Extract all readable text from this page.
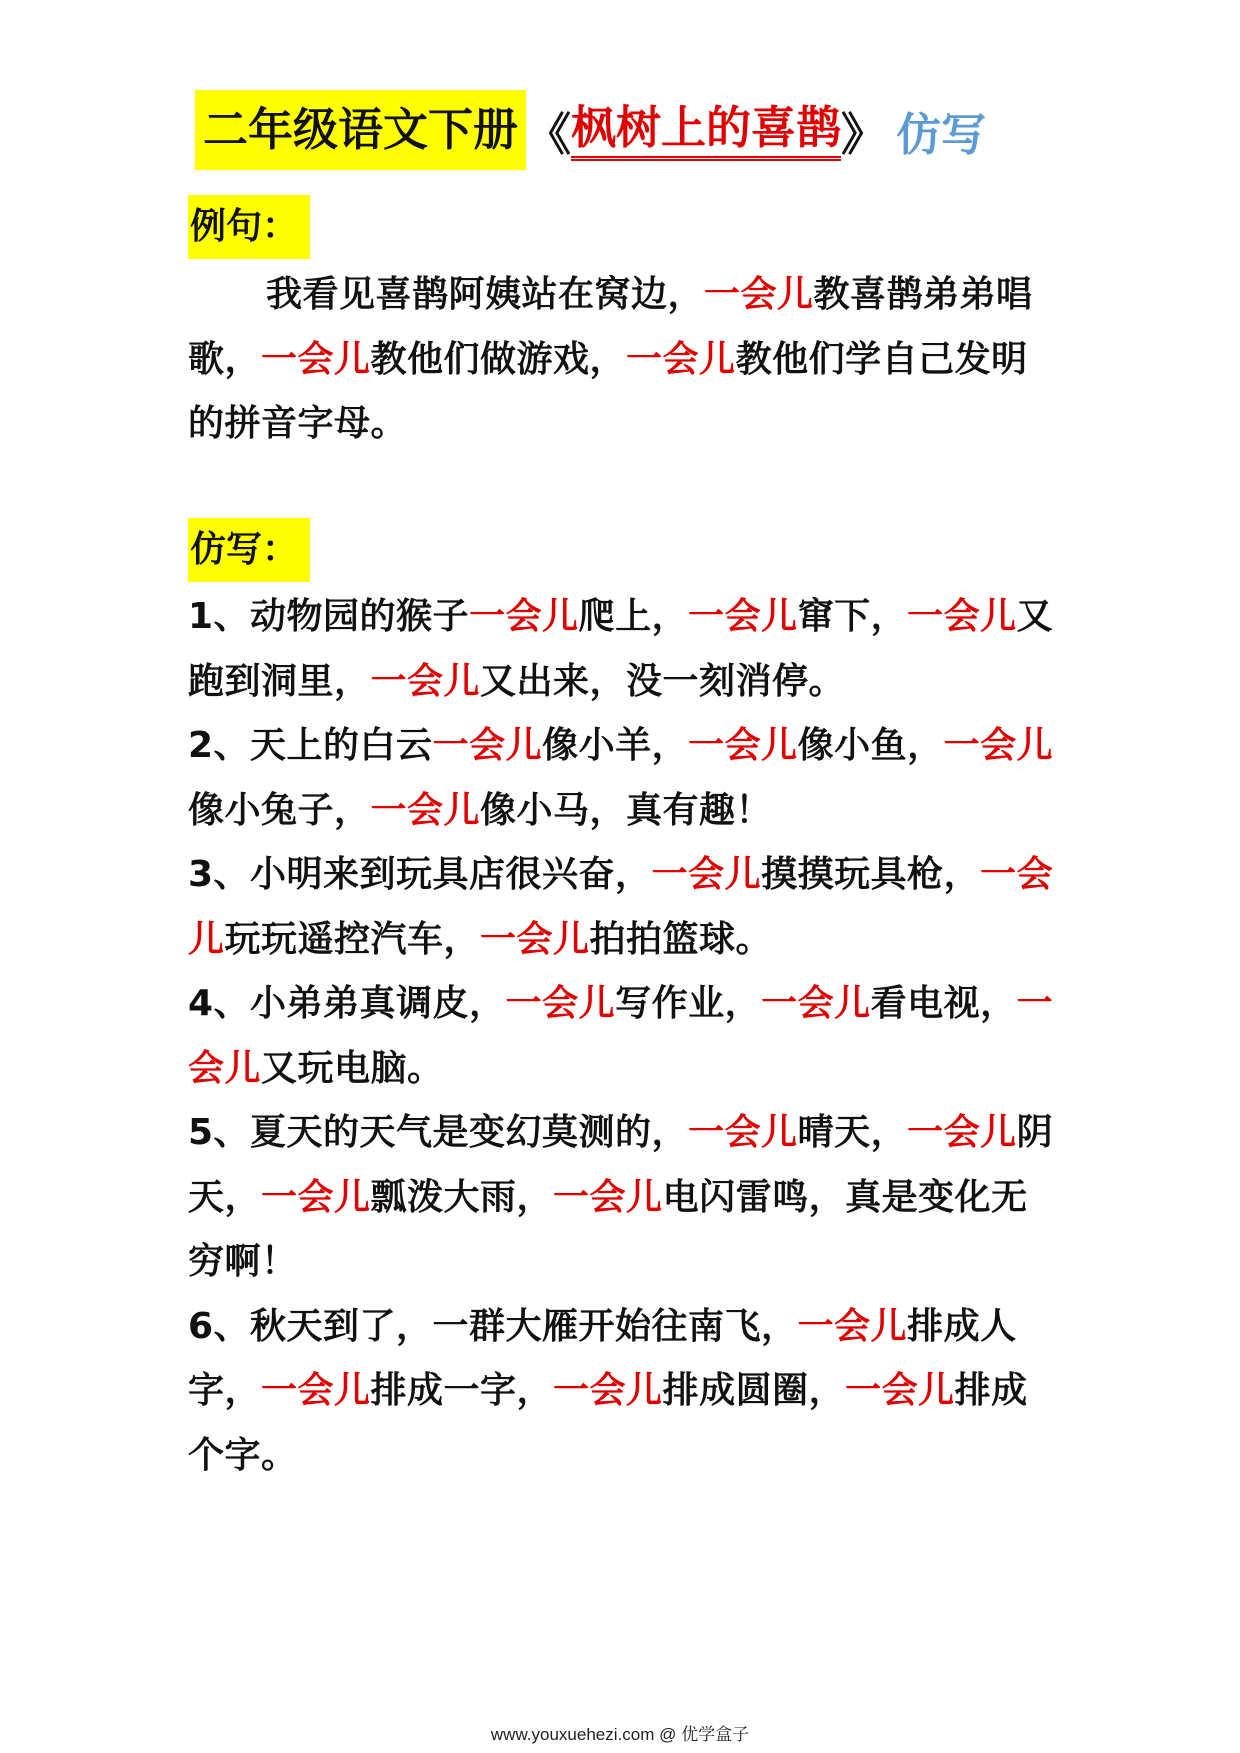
二年级语文下册 《 枫树上的喜鹊 》 仿写
例句：
我看见喜鹊阿姨站在窝边，一会儿教喜鹊弟弟唱歌，一会儿教他们做游戏，一会儿教他们学自己发明的拼音字母。
仿写：
1、动物园的猴子一会儿爬上，一会儿窜下，一会儿又跑到洞里，一会儿又出来，没一刻消停。
2、天上的白云一会儿像小羊，一会儿像小鱼，一会儿像小兔子，一会儿像小马，真有趣！
3、小明来到玩具店很兴奋，一会儿摸摸玩具枪，一会儿玩玩遥控汽车，一会儿拍拍篮球。
4、小弟弟真调皮，一会儿写作业，一会儿看电视，一会儿又玩电脑。
5、夏天的天气是变幻莫测的，一会儿晴天，一会儿阴天，一会儿瓢泼大雨，一会儿电闪雷鸣，真是变化无穷啊！
6、秋天到了，一群大雁开始往南飞，一会儿排成人字，一会儿排成一字，一会儿排成圆圈，一会儿排成个字。
www.youxuehezi.com @ 优学盒子
